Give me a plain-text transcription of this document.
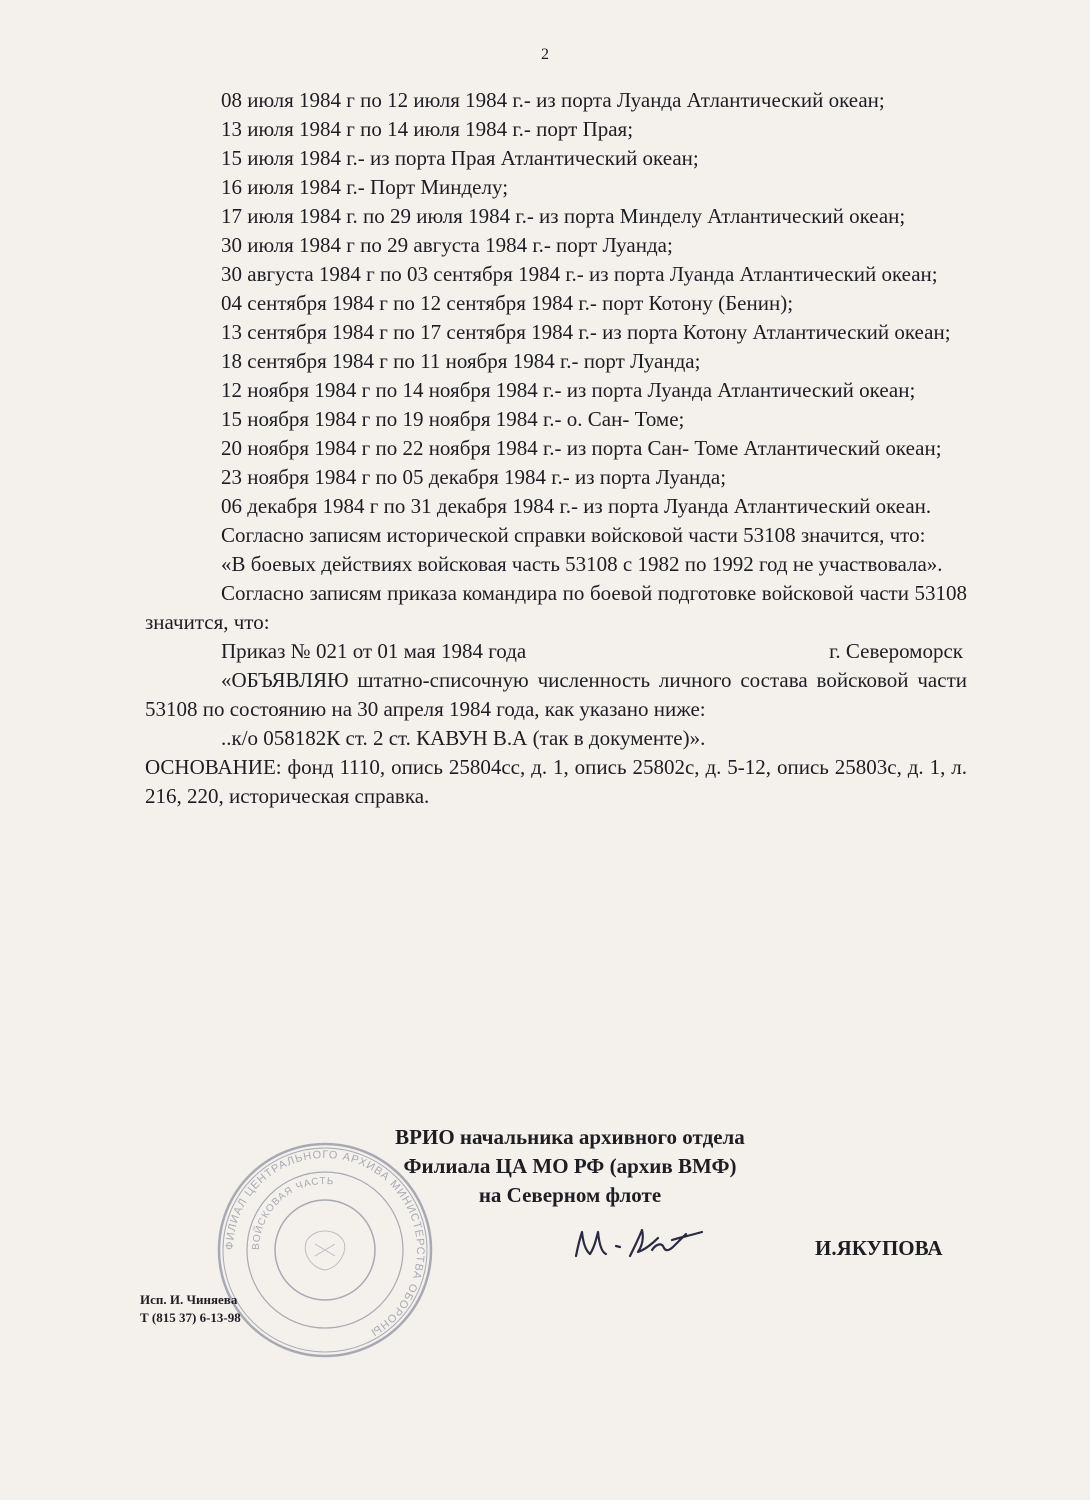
2

08 июля 1984 г по 12 июля 1984 г.- из порта Луанда Атлантический океан;

13 июля 1984 г по 14 июля 1984 г.- порт Прая;

15 июля 1984 г.- из порта Прая Атлантический океан;

16 июля 1984 г.- Порт Минделу;

17 июля 1984 г. по 29 июля 1984 г.- из порта Минделу Атлантический океан;

30 июля 1984 г по 29 августа 1984 г.- порт Луанда;

30 августа 1984 г по 03 сентября 1984 г.- из порта Луанда Атлантический океан;

04 сентября 1984 г по 12 сентября 1984 г.- порт Котону (Бенин);

13 сентября 1984 г по 17 сентября 1984 г.- из порта Котону Атлантический океан;

18 сентября 1984 г по 11 ноября 1984 г.- порт Луанда;

12 ноября 1984 г по 14 ноября 1984 г.- из порта Луанда Атлантический океан;

15 ноября 1984 г по 19 ноября 1984 г.- о. Сан- Томе;

20 ноября 1984 г по 22 ноября 1984 г.- из порта Сан- Томе Атлантический океан;

23 ноября 1984 г по 05 декабря 1984 г.- из порта Луанда;

06 декабря 1984 г по 31 декабря 1984 г.- из порта Луанда Атлантический океан.

Согласно записям исторической справки войсковой части 53108 значится, что:

«В боевых действиях войсковая часть 53108 с 1982 по 1992 год не участвовала».

Согласно записям приказа командира по боевой подготовке войсковой части 53108 значится, что:

Приказ № 021 от 01 мая 1984 года	г. Североморск

«ОБЪЯВЛЯЮ штатно-списочную численность личного состава войсковой части 53108 по состоянию на 30 апреля 1984 года, как указано ниже:

..к/о 058182К ст. 2 ст. КАВУН В.А (так в документе)».

ОСНОВАНИЕ: фонд 1110, опись 25804сс, д. 1, опись 25802с, д. 5-12, опись 25803с, д. 1, л. 216, 220, историческая справка.

ФИЛИАЛ ЦЕНТРАЛЬНОГО АРХИВА МИНИСТЕРСТВА ОБОРОНЫ
ВОЙСКОВАЯ ЧАСТЬ
ВРИО начальника архивного отдела
Филиала ЦА МО РФ (архив ВМФ)
на Северном флоте
И.ЯКУПОВА
Исп. И. Чиняева
Т (815 37) 6-13-98
